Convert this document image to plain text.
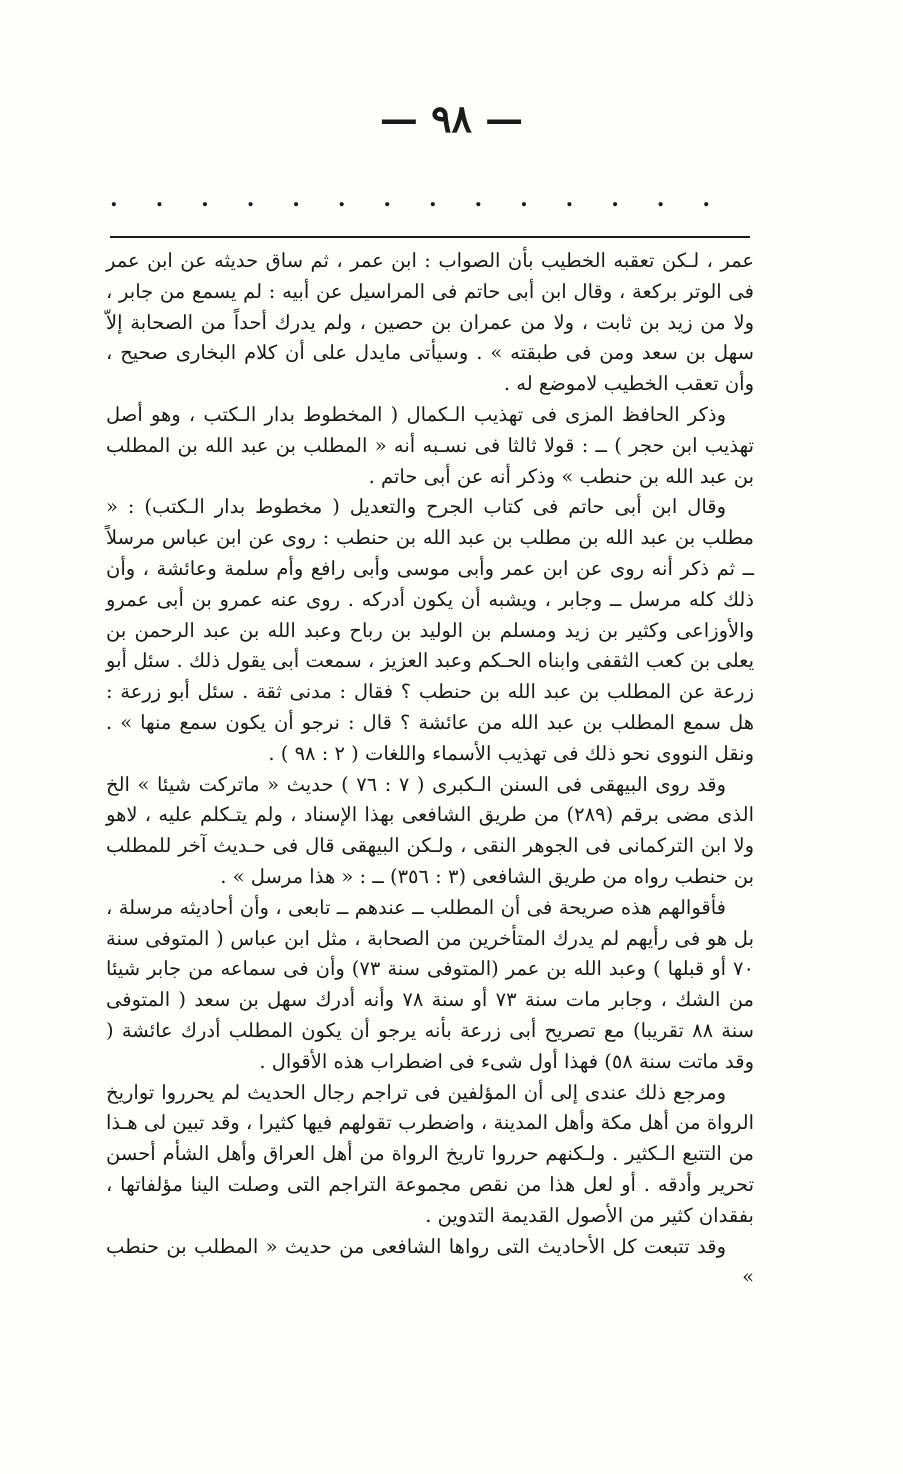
— ٩٨ —
. . . . . . . . . . . . . .

عمر ، لـكن تعقبه الخطيب بأن الصواب : ابن عمر ، ثم ساق حديثه عن ابن عمر فى الوتر بركعة ، وقال ابن أبى حاتم فى المراسيل عن أبيه : لم يسمع من جابر ، ولا من زيد بن ثابت ، ولا من عمران بن حصين ، ولم يدرك أحداً من الصحابة إلاّ سهل بن سعد ومن فى طبقته » . وسيأتى مايدل على أن كلام البخارى صحيح ، وأن تعقب الخطيب لاموضع له .

وذكر الحافظ المزى فى تهذيب الـكمال ( المخطوط بدار الـكتب ، وهو أصل تهذيب ابن حجر ) ــ : قولا ثالثا فى نسـبه أنه « المطلب بن عبد الله بن المطلب بن عبد الله بن حنطب » وذكر أنه عن أبى حاتم .

وقال ابن أبى حاتم فى كتاب الجرح والتعديل ( مخطوط بدار الـكتب) : « مطلب بن عبد الله بن مطلب بن عبد الله بن حنطب : روى عن ابن عباس مرسلاً ــ ثم ذكر أنه روى عن ابن عمر وأبى موسى وأبى رافع وأم سلمة وعائشة ، وأن ذلك كله مرسل ــ وجابر ، ويشبه أن يكون أدركه . روى عنه عمرو بن أبى عمرو والأوزاعى وكثير بن زيد ومسلم بن الوليد بن رباح وعبد الله بن عبد الرحمن بن يعلى بن كعب الثقفى وابناه الحـكم وعبد العزيز ، سمعت أبى يقول ذلك . سئل أبو زرعة عن المطلب بن عبد الله بن حنطب ؟ فقال : مدنى ثقة . سئل أبو زرعة : هل سمع المطلب بن عبد الله من عائشة ؟ قال : نرجو أن يكون سمع منها » . ونقل النووى نحو ذلك فى تهذيب الأسماء واللغات ( ٢ : ٩٨ ) .

وقد روى البيهقى فى السنن الـكبرى ( ٧ : ٧٦ ) حديث « ماتركت شيئا » الخ الذى مضى برقم (٢٨٩) من طريق الشافعى بهذا الإسناد ، ولم يتـكلم عليه ، لاهو ولا ابن التركمانى فى الجوهر النقى ، ولـكن البيهقى قال فى حـديث آخر للمطلب بن حنطب رواه من طريق الشافعى (٣ : ٣٥٦) ــ : « هذا مرسل » .

فأقوالهم هذه صريحة فى أن المطلب ــ عندهم ــ تابعى ، وأن أحاديثه مرسلة ، بل هو فى رأيهم لم يدرك المتأخرين من الصحابة ، مثل ابن عباس ( المتوفى سنة ٧٠ أو قبلها ) وعبد الله بن عمر (المتوفى سنة ٧٣) وأن فى سماعه من جابر شيئا من الشك ، وجابر مات سنة ٧٣ أو سنة ٧٨ وأنه أدرك سهل بن سعد ( المتوفى سنة ٨٨ تقريبا) مع تصريح أبى زرعة بأنه يرجو أن يكون المطلب أدرك عائشة ( وقد ماتت سنة ٥٨) فهذا أول شىء فى اضطراب هذه الأقوال .

ومرجع ذلك عندى إلى أن المؤلفين فى تراجم رجال الحديث لم يحرروا تواريخ الرواة من أهل مكة وأهل المدينة ، واضطرب تقولهم فيها كثيرا ، وقد تبين لى هـذا من التتبع الـكثير . ولـكنهم حرروا تاريخ الرواة من أهل العراق وأهل الشأم أحسن تحرير وأدقه . أو لعل هذا من نقص مجموعة التراجم التى وصلت الينا مؤلفاتها ، بفقدان كثير من الأصول القديمة التدوين .

وقد تتبعت كل الأحاديث التى رواها الشافعى من حديث « المطلب بن حنطب »
